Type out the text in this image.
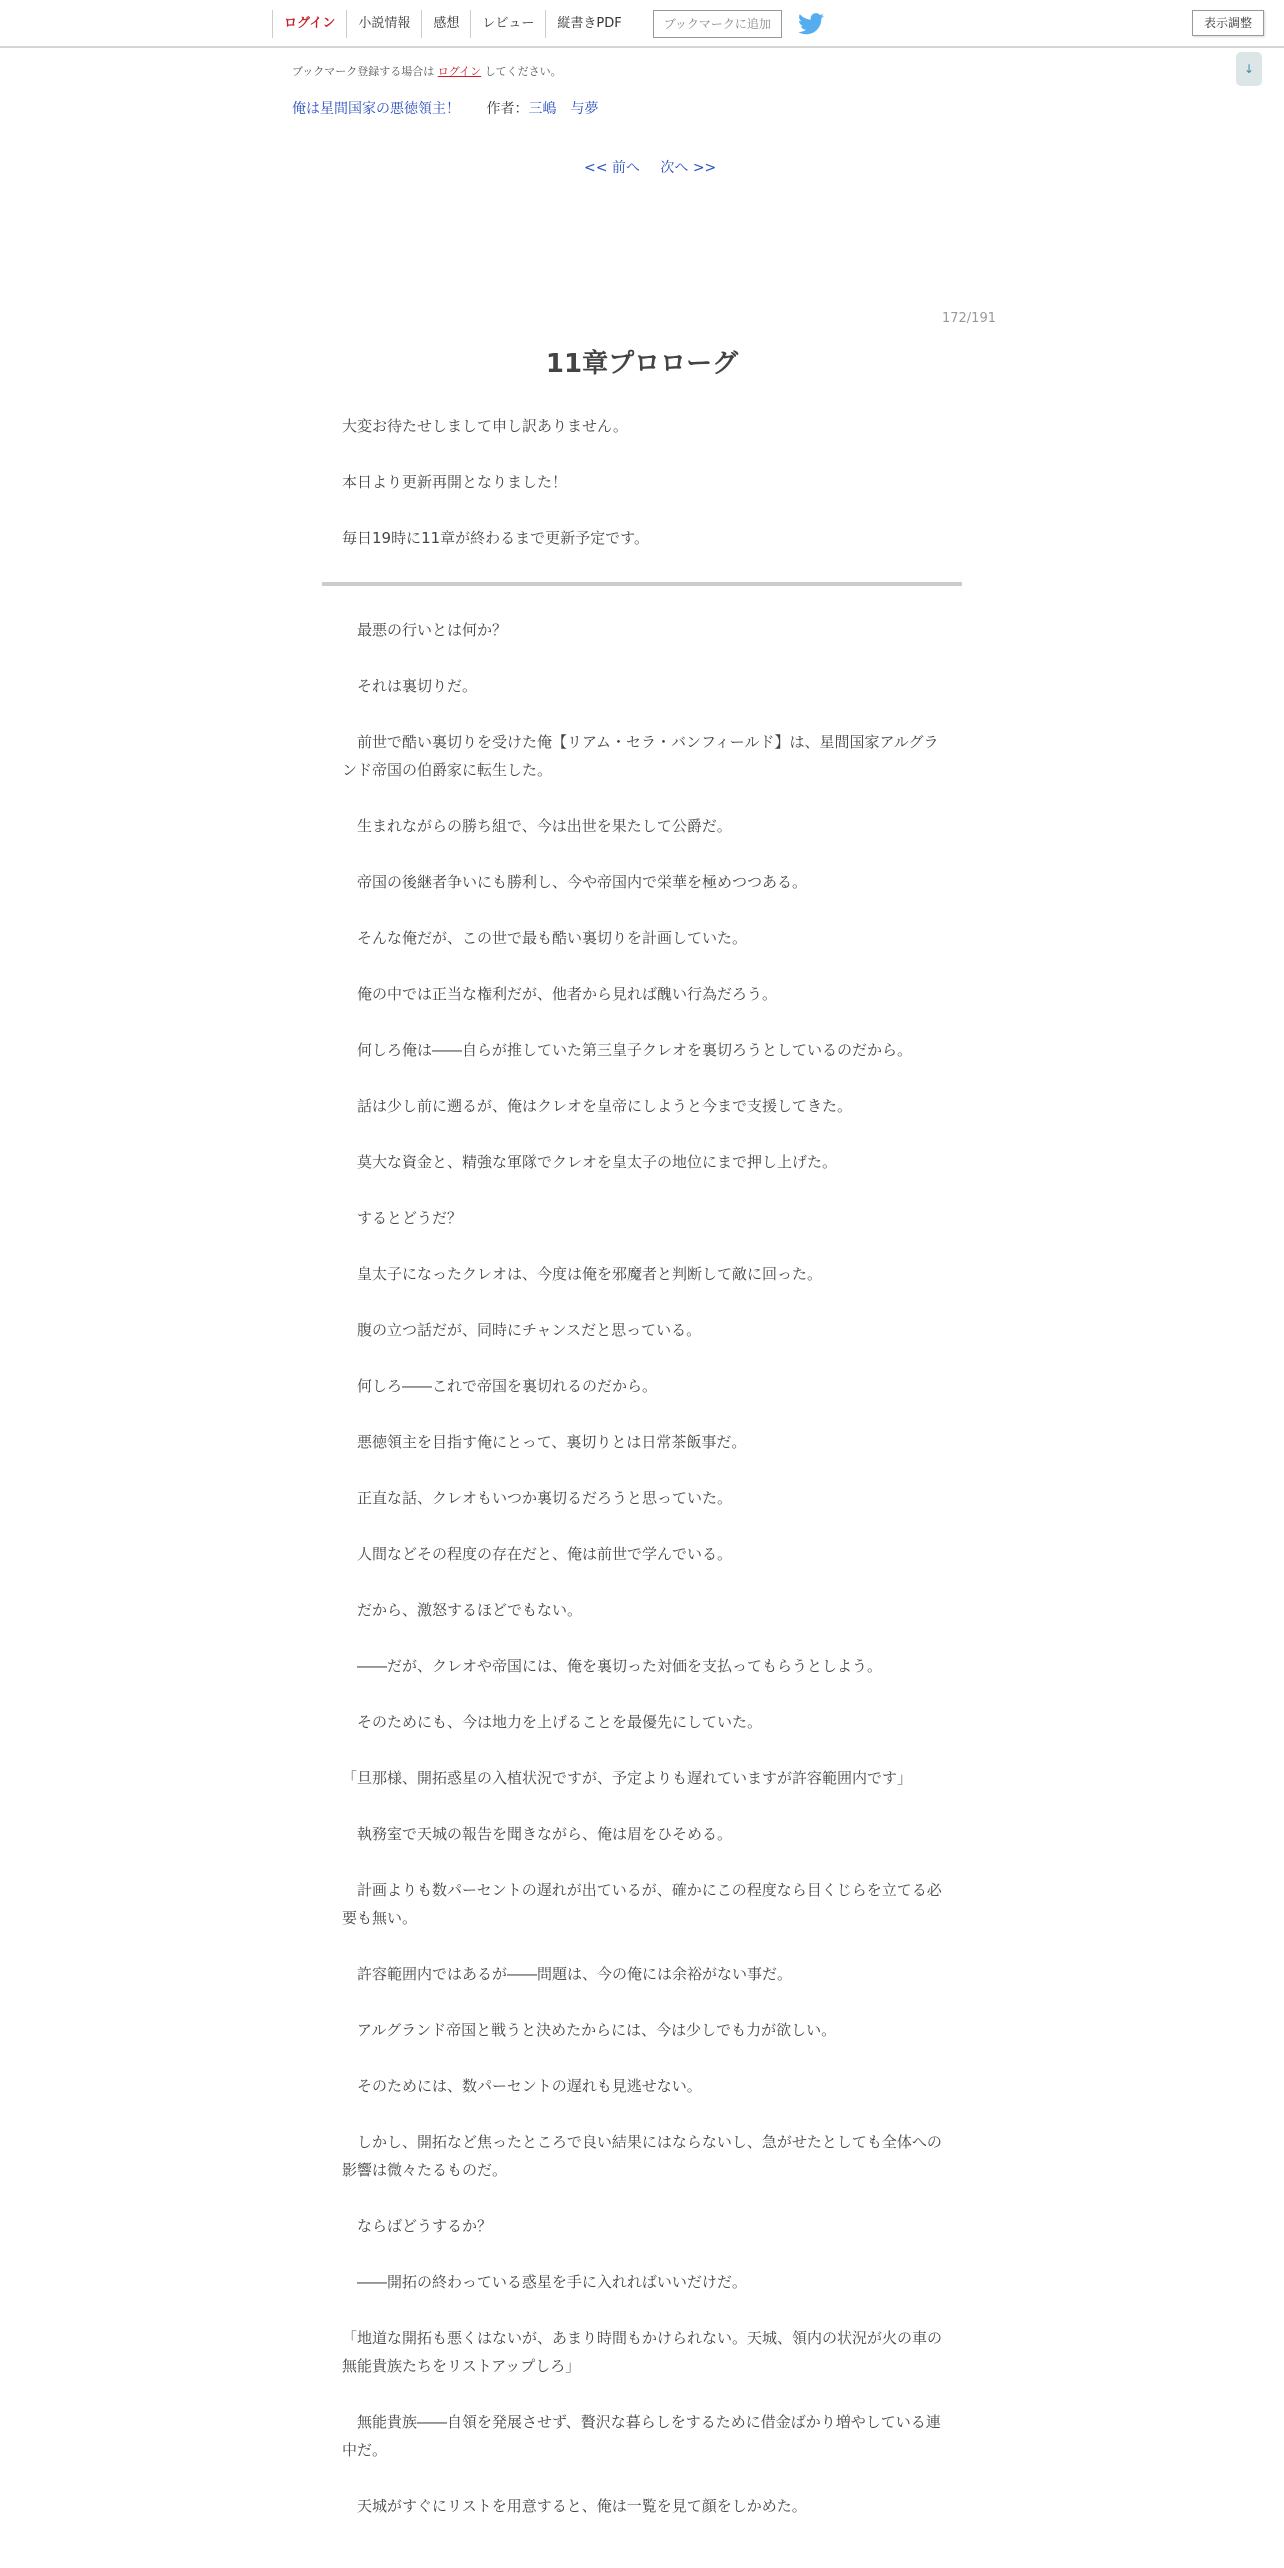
ログイン	小説情報	感想	レビュー	縦書きPDF	ブックマークに追加	表示調整
↓
ブックマーク登録する場合は ログイン してください。
俺は星間国家の悪徳領主！ 作者：三嶋　与夢
<< 前へ 次へ >>
172/191
11章プロローグ

大変お待たせしまして申し訳ありません。

本日より更新再開となりました！

毎日19時に11章が終わるまで更新予定です。

　最悪の行いとは何か？

　それは裏切りだ。

　前世で酷い裏切りを受けた俺【リアム・セラ・バンフィールド】は、星間国家アルグランド帝国の伯爵家に転生した。

　生まれながらの勝ち組で、今は出世を果たして公爵だ。

　帝国の後継者争いにも勝利し、今や帝国内で栄華を極めつつある。

　そんな俺だが、この世で最も酷い裏切りを計画していた。

　俺の中では正当な権利だが、他者から見れば醜い行為だろう。

　何しろ俺は――自らが推していた第三皇子クレオを裏切ろうとしているのだから。

　話は少し前に遡るが、俺はクレオを皇帝にしようと今まで支援してきた。

　莫大な資金と、精強な軍隊でクレオを皇太子の地位にまで押し上げた。

　するとどうだ？

　皇太子になったクレオは、今度は俺を邪魔者と判断して敵に回った。

　腹の立つ話だが、同時にチャンスだと思っている。

　何しろ――これで帝国を裏切れるのだから。

　悪徳領主を目指す俺にとって、裏切りとは日常茶飯事だ。

　正直な話、クレオもいつか裏切るだろうと思っていた。

　人間などその程度の存在だと、俺は前世で学んでいる。

　だから、激怒するほどでもない。

　――だが、クレオや帝国には、俺を裏切った対価を支払ってもらうとしよう。

　そのためにも、今は地力を上げることを最優先にしていた。

「旦那様、開拓惑星の入植状況ですが、予定よりも遅れていますが許容範囲内です」

　執務室で天城の報告を聞きながら、俺は眉をひそめる。

　計画よりも数パーセントの遅れが出ているが、確かにこの程度なら目くじらを立てる必要も無い。

　許容範囲内ではあるが――問題は、今の俺には余裕がない事だ。

　アルグランド帝国と戦うと決めたからには、今は少しでも力が欲しい。

　そのためには、数パーセントの遅れも見逃せない。

　しかし、開拓など焦ったところで良い結果にはならないし、急がせたとしても全体への影響は微々たるものだ。

　ならばどうするか？

　――開拓の終わっている惑星を手に入れればいいだけだ。

「地道な開拓も悪くはないが、あまり時間もかけられない。天城、領内の状況が火の車の無能貴族たちをリストアップしろ」

　無能貴族――自領を発展させず、贅沢な暮らしをするために借金ばかり増やしている連中だ。

　天城がすぐにリストを用意すると、俺は一覧を見て顔をしかめた。
